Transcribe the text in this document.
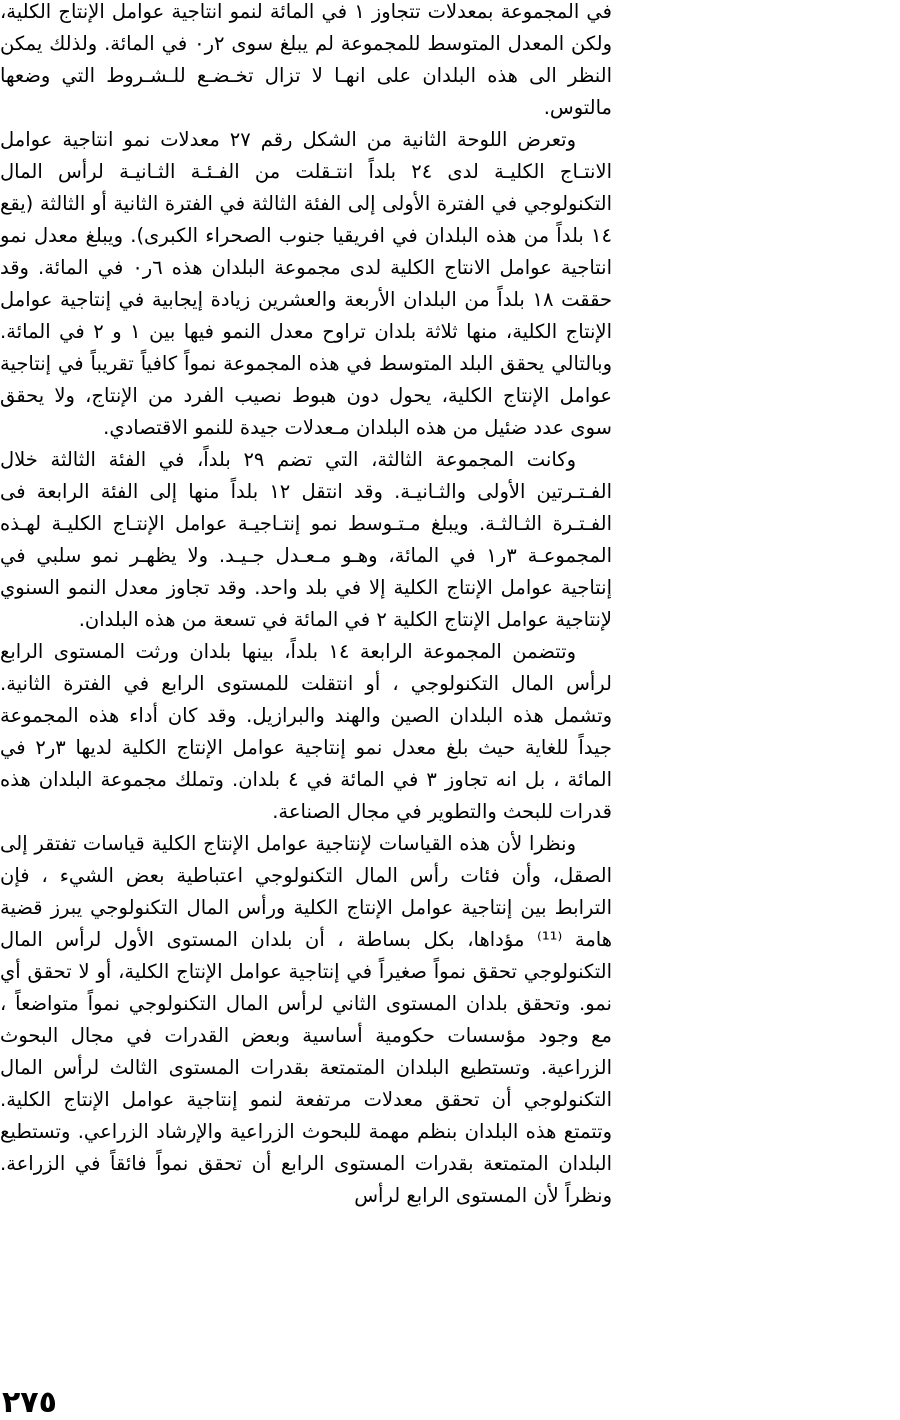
في المجموعة بمعدلات تتجاوز ١ في المائة لنمو انتاجية عوامل الإنتاج الكلية، ولكن المعدل المتوسط للمجموعة لم يبلغ سوى ٢ر٠ في المائة. ولذلك يمكن النظر الى هذه البلدان على انهـا لا تزال تخـضـع للـشـروط التي وضعها مالتوس.

وتعرض اللوحة الثانية من الشكل رقم ٢٧ معدلات نمو انتاجية عوامل الانتـاج الكليـة لدى ٢٤ بلداً انتـقلت من الفـئـة الثـانيـة لرأس المال التكنولوجي في الفترة الأولى إلى الفئة الثالثة في الفترة الثانية أو الثالثة (يقع ١٤ بلداً من هذه البلدان في افريقيا جنوب الصحراء الكبرى). ويبلغ معدل نمو انتاجية عوامل الانتاج الكلية لدى مجموعة البلدان هذه ٦ر٠ في المائة. وقد حققت ١٨ بلداً من البلدان الأربعة والعشرين زيادة إيجابية في إنتاجية عوامل الإنتاج الكلية، منها ثلاثة بلدان تراوح معدل النمو فيها بين ١ و ٢ في المائة. وبالتالي يحقق البلد المتوسط في هذه المجموعة نمواً كافياً تقريباً في إنتاجية عوامل الإنتاج الكلية، يحول دون هبوط نصيب الفرد من الإنتاج، ولا يحقق سوى عدد ضئيل من هذه البلدان مـعدلات جيدة للنمو الاقتصادي.

وكانت المجموعة الثالثة، التي تضم ٢٩ بلداً، في الفئة الثالثة خلال الفـتـرتين الأولى والثـانيـة. وقد انتقل ١٢ بلداً منها إلى الفئة الرابعة فى الفـتـرة الثـالثـة. ويبلغ مـتـوسط نمو إنتـاجيـة عوامل الإنتـاج الكليـة لهـذه المجموعـة ٣ر١ في المائة، وهـو مـعـدل جـيـد. ولا يظهـر نمو سلبي في إنتاجية عوامل الإنتاج الكلية إلا في بلد واحد. وقد تجاوز معدل النمو السنوي لإنتاجية عوامل الإنتاج الكلية ٢ في المائة في تسعة من هذه البلدان.

وتتضمن المجموعة الرابعة ١٤ بلداً، بينها بلدان ورثت المستوى الرابع لرأس المال التكنولوجي ، أو انتقلت للمستوى الرابع في الفترة الثانية. وتشمل هذه البلدان الصين والهند والبرازيل. وقد كان أداء هذه المجموعة جيداً للغاية حيث بلغ معدل نمو إنتاجية عوامل الإنتاج الكلية لديها ٣ر٢ في المائة ، بل انه تجاوز ٣ في المائة في ٤ بلدان. وتملك مجموعة البلدان هذه قدرات للبحث والتطوير في مجال الصناعة.

ونظرا لأن هذه القياسات لإنتاجية عوامل الإنتاج الكلية قياسات تفتقر إلى الصقل، وأن فئات رأس المال التكنولوجي اعتباطية بعض الشيء ، فإن الترابط بين إنتاجية عوامل الإنتاج الكلية ورأس المال التكنولوجي يبرز قضية هامة ⁽¹¹⁾ مؤداها، بكل بساطة ، أن بلدان المستوى الأول لرأس المال التكنولوجي تحقق نمواً صغيراً في إنتاجية عوامل الإنتاج الكلية، أو لا تحقق أي نمو. وتحقق بلدان المستوى الثاني لرأس المال التكنولوجي نمواً متواضعاً ، مع وجود مؤسسات حكومية أساسية وبعض القدرات في مجال البحوث الزراعية. وتستطيع البلدان المتمتعة بقدرات المستوى الثالث لرأس المال التكنولوجي أن تحقق معدلات مرتفعة لنمو إنتاجية عوامل الإنتاج الكلية. وتتمتع هذه البلدان بنظم مهمة للبحوث الزراعية والإرشاد الزراعي. وتستطيع البلدان المتمتعة بقدرات المستوى الرابع أن تحقق نمواً فائقاً في الزراعة. ونظراً لأن المستوى الرابع لرأس

٢٧٥
